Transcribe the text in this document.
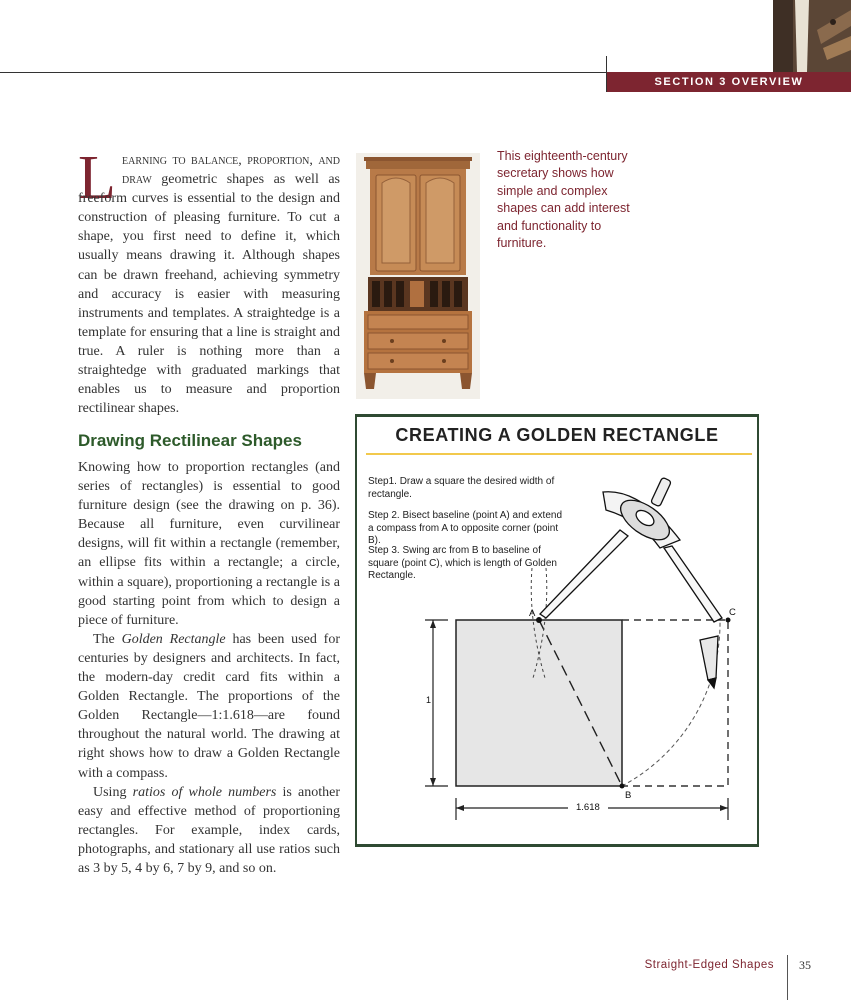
SECTION 3 OVERVIEW
L earning to balance, proportion, and draw geometric shapes as well as freeform curves is essential to the design and construction of pleasing furniture. To cut a shape, you first need to define it, which usually means drawing it. Although shapes can be drawn freehand, achieving symmetry and accuracy is easier with measuring instruments and templates. A straightedge is a template for ensuring that a line is straight and true. A ruler is nothing more than a straightedge with graduated markings that enables us to measure and proportion rectilinear shapes.
This eighteenth-century secretary shows how simple and complex shapes can add interest and functionality to furniture.
Drawing Rectilinear Shapes
Knowing how to proportion rectangles (and series of rectangles) is essential to good furniture design (see the drawing on p. 36). Because all furniture, even curvilinear designs, will fit within a rectangle (remember, an ellipse fits within a rectangle; a circle, within a square), proportioning a rectangle is a good starting point from which to design a piece of furniture.
The Golden Rectangle has been used for centuries by designers and architects. In fact, the modern-day credit card fits within a Golden Rectangle. The proportions of the Golden Rectangle—1:1.618—are found throughout the natural world. The drawing at right shows how to draw a Golden Rectangle with a compass.
Using ratios of whole numbers is another easy and effective method of proportioning rectangles. For example, index cards, photographs, and stationary all use ratios such as 3 by 5, 4 by 6, 7 by 9, and so on.
CREATING A GOLDEN RECTANGLE
Step1. Draw a square the desired width of rectangle.
Step 2. Bisect baseline (point A) and extend a compass from A to opposite corner (point B).
Step 3. Swing arc from B to baseline of square (point C), which is length of Golden Rectangle.
A
B
C
1
1.618
Straight-Edged Shapes 35
